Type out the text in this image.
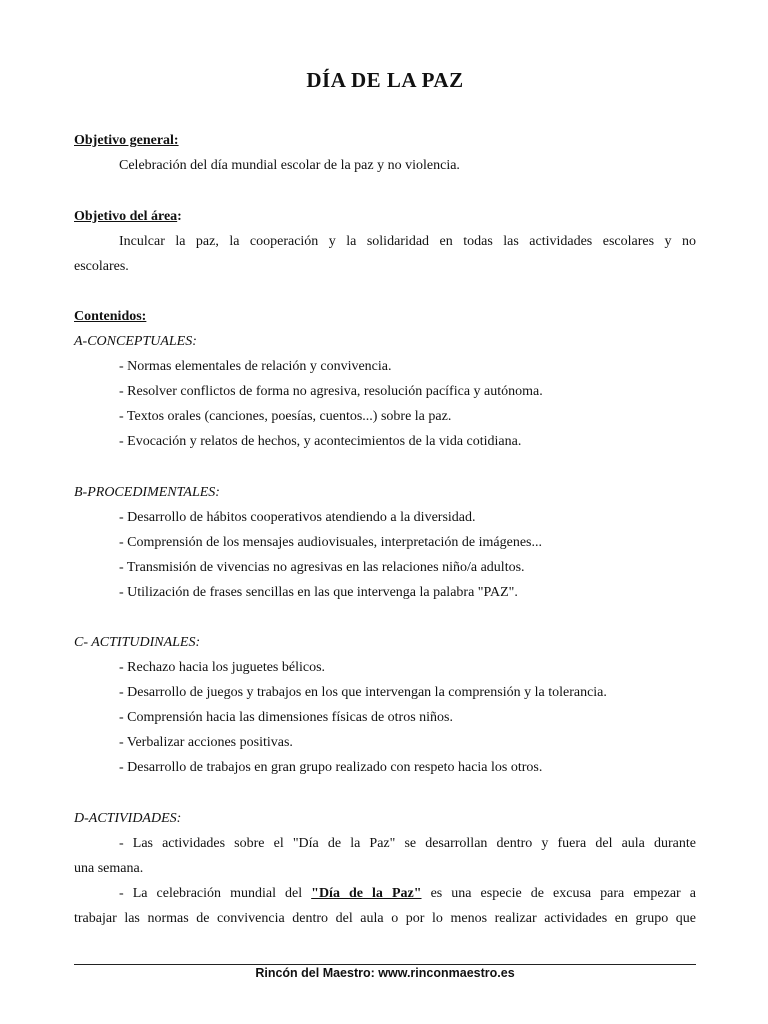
DÍA DE LA PAZ
Objetivo general:
Celebración del día mundial escolar de la paz y no violencia.
Objetivo del área:
Inculcar la paz, la cooperación y la solidaridad en todas las actividades escolares y no
escolares.
Contenidos:
A-CONCEPTUALES:
- Normas elementales de relación y convivencia.
- Resolver conflictos de forma no agresiva, resolución pacífica y autónoma.
- Textos orales (canciones, poesías, cuentos...) sobre la paz.
- Evocación y relatos de hechos, y acontecimientos de la vida cotidiana.
B-PROCEDIMENTALES:
- Desarrollo de hábitos cooperativos atendiendo a la diversidad.
- Comprensión de los mensajes audiovisuales, interpretación de imágenes...
- Transmisión de vivencias no agresivas en las relaciones niño/a adultos.
- Utilización de frases sencillas en las que intervenga la palabra "PAZ".
C- ACTITUDINALES:
- Rechazo hacia los juguetes bélicos.
- Desarrollo de juegos y trabajos en los que intervengan la comprensión y la tolerancia.
- Comprensión hacia las dimensiones físicas de otros niños.
- Verbalizar acciones positivas.
- Desarrollo de trabajos en gran grupo realizado con respeto hacia los otros.
D-ACTIVIDADES:
- Las actividades sobre el "Día de la Paz" se desarrollan dentro y fuera del aula durante
una semana.
- La celebración mundial del "Día de la Paz" es una especie de excusa para empezar a
trabajar las normas de convivencia dentro del aula o por lo menos realizar actividades en grupo que
Rincón del Maestro: www.rinconmaestro.es
